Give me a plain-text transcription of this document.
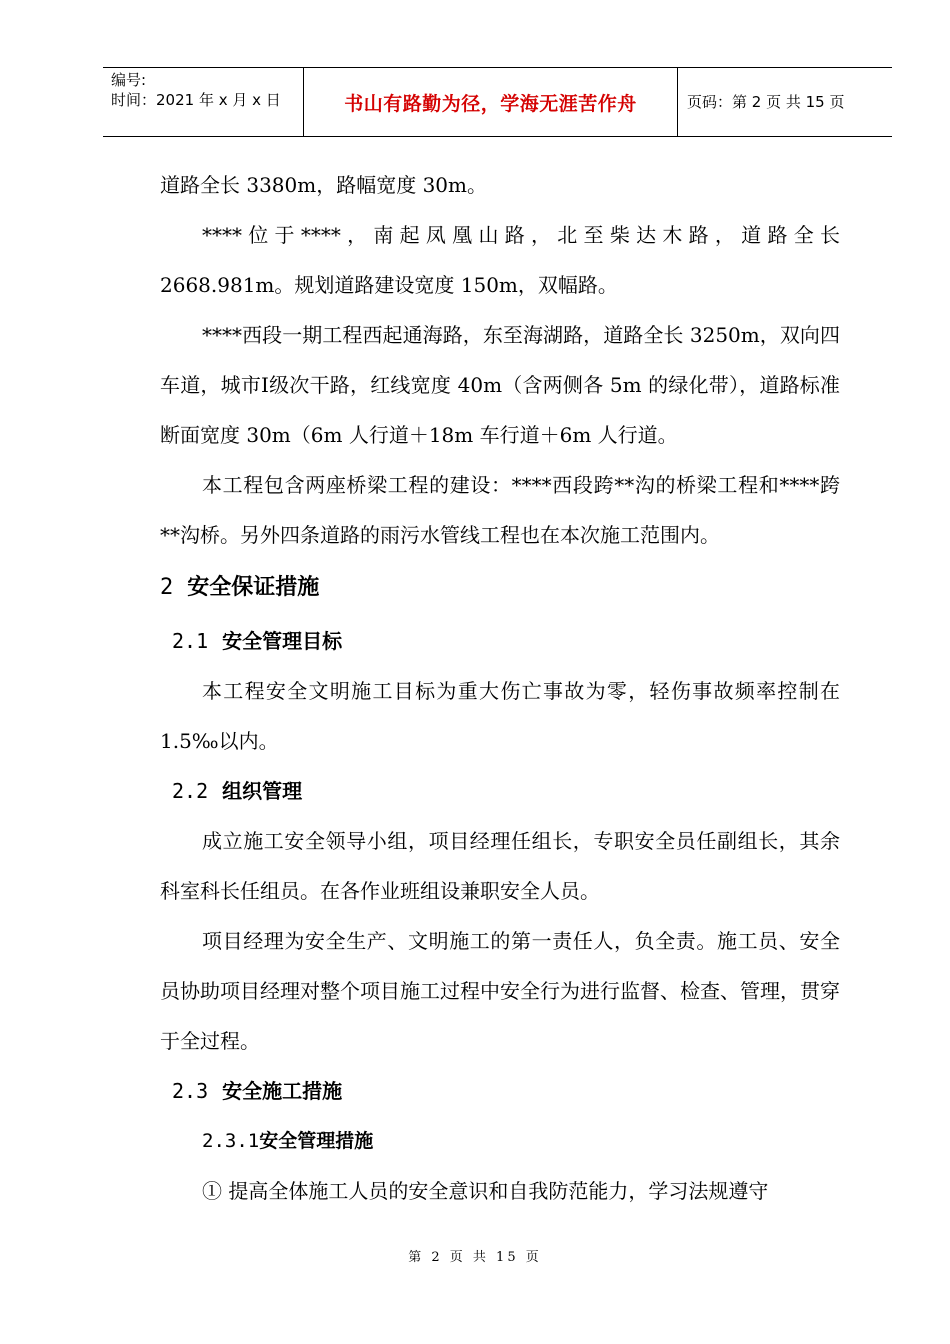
编号:
时间：2021 年 x 月 x 日	书山有路勤为径，学海无涯苦作舟	页码：第 2 页 共 15 页

道路全长 3380m，路幅宽度 30m。

****位于****，南起凤凰山路，北至柴达木路，道路全长 2668.981m。规划道路建设宽度 150m，双幅路。

****西段一期工程西起通海路，东至海湖路，道路全长 3250m，双向四车道，城市Ⅰ级次干路，红线宽度 40m（含两侧各 5m 的绿化带），道路标准断面宽度 30m（6m 人行道＋18m 车行道＋6m 人行道。

本工程包含两座桥梁工程的建设：****西段跨**沟的桥梁工程和****跨**沟桥。另外四条道路的雨污水管线工程也在本次施工范围内。

2 安全保证措施
2.1 安全管理目标

本工程安全文明施工目标为重大伤亡事故为零，轻伤事故频率控制在 1.5‰以内。

2.2 组织管理

成立施工安全领导小组，项目经理任组长，专职安全员任副组长，其余科室科长任组员。在各作业班组设兼职安全人员。

项目经理为安全生产、文明施工的第一责任人，负全责。施工员、安全员协助项目经理对整个项目施工过程中安全行为进行监督、检查、管理，贯穿于全过程。

2.3 安全施工措施
2.3.1安全管理措施

① 提高全体施工人员的安全意识和自我防范能力，学习法规遵守

第 2 页 共 15 页
